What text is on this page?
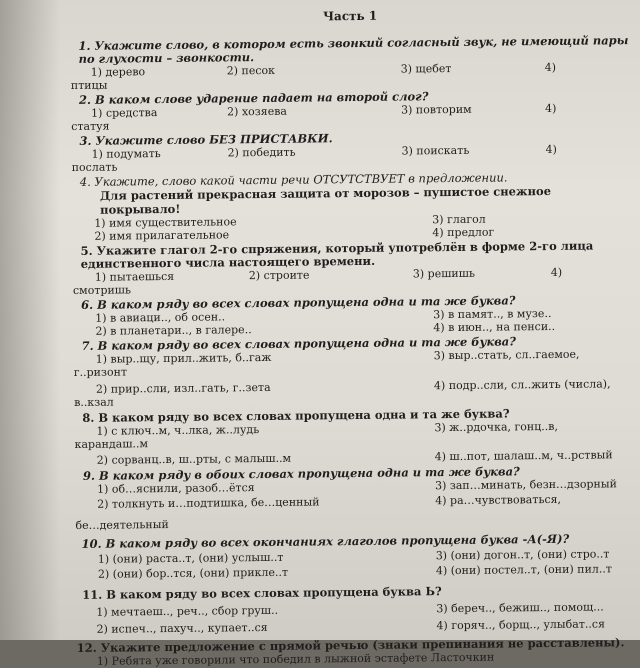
Часть 1
1. Укажите слово, в котором есть звонкий согласный звук, не имеющий пары по глухости – звонкости.
1) дерево	2) песок	3) щебет	4)
птицы
2. В каком слове ударение падает на второй слог?
1) средства	2) хозяева	3) повторим	4)
статуя
3. Укажите слово БЕЗ ПРИСТАВКИ.
1) подумать	2) победить	3) поискать	4)
послать
4. Укажите, слово какой части речи ОТСУТСТВУЕТ в предложении.
Для растений прекрасная защита от морозов – пушистое снежное покрывало!
1) имя существительное	3) глагол
2) имя прилагательное	4) предлог
5. Укажите глагол 2-го спряжения, который употреблён в форме 2-го лица единственного числа настоящего времени.
1) пытаешься	2) строите	3) решишь	4)
смотришь
6. В каком ряду во всех словах пропущена одна и та же буква?
1) в авиаци.., об осен..	3) в памят.., в музе..
2) в планетари.., в галере..	4) в июн.., на пенси..
7. В каком ряду во всех словах пропущена одна и та же буква?
1) выр..щу, прил..жить, б..гаж	3) выр..стать, сл..гаемое,
г..ризонт
2) прир..сли, изл..гать, г..зета	4) подр..сли, сл..жить (числа),
в..кзал
8. В каком ряду во всех словах пропущена одна и та же буква?
1) с ключ..м, ч..лка, ж..лудь	3) ж..рдочка, гонц..в,
карандаш..м
2) сорванц..в, ш..рты, с малыш..м	4) ш..пот, шалаш..м, ч..рствый
9. В каком ряду в обоих словах пропущена одна и та же буква?
1) об…яснили, разоб…ётся	3) зап…минать, безн…дзорный
2) толкнуть и…подтишка, бе…ценный	4) ра…чувствоваться,
бе…деятельный
10. В каком ряду во всех окончаниях глаголов пропущена буква -А(-Я)?
1) (они) раста..т, (они) услыш..т	3) (они) догон..т, (они) стро..т
2) (они) бор..тся, (они) прикле..т	4) (они) постел..т, (они) пил..т
11. В каком ряду во всех словах пропущена буква Ь?
1) мечтаеш.., реч.., сбор груш..	3) береч.., бежиш.., помощ...
2) испеч.., пахуч.., купает..ся	4) горяч.., борщ.., улыбат..ся
12. Укажите предложение с прямой речью (знаки препинания не расставлены).
1) Ребята уже говорили что победил в лыжной эстафете Ласточкин
